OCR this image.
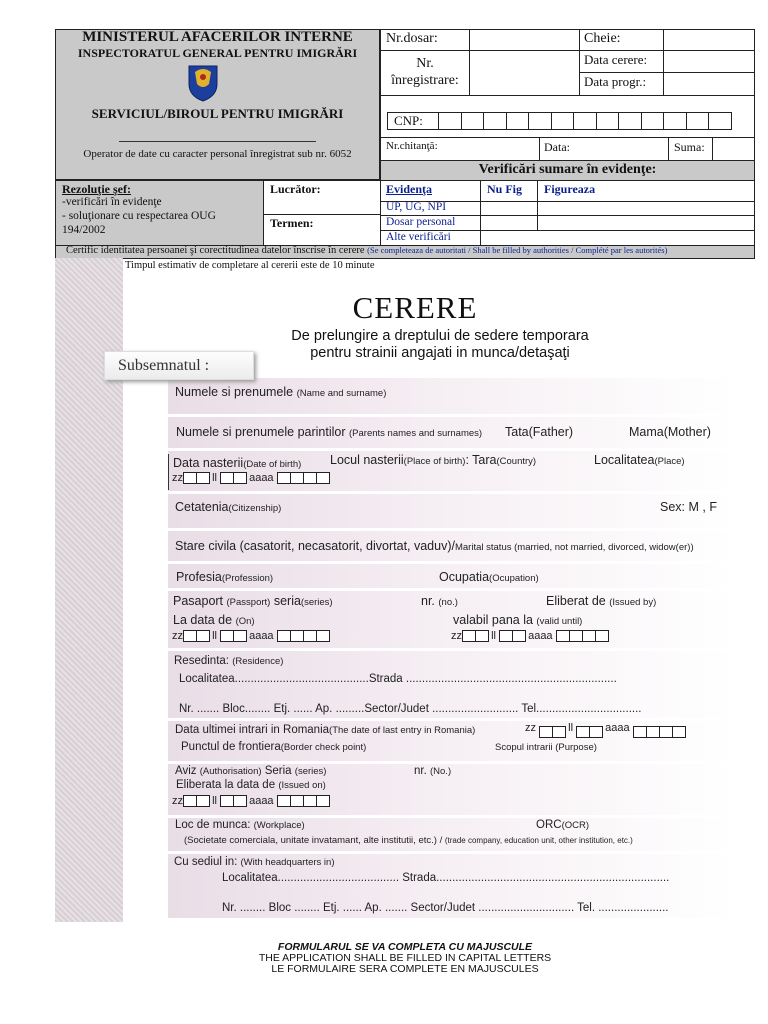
MINISTERUL AFACERILOR INTERNE
INSPECTORATUL GENERAL PENTRU IMIGRĂRI
SERVICIUL/BIROUL PENTRU IMIGRĂRI
Operator de date cu caracter personal înregistrat sub nr. 6052
Nr.dosar:	Cheie:
Nr.
înregistrare:
Data cerere:
Data progr.:
CNP:
Nr.chitanţă:	Data:	Suma:
Verificări sumare în evidenţe:
Rezoluţie şef:
-verificări în evidenţe
- soluţionare cu respectarea OUG
194/2002
Lucrător:
Termen:
Evidenţa	Nu Fig Figureaza
UP, UG, NPI
Dosar personal
Alte verificări
Certific identitatea persoanei şi corectitudinea datelor înscrise în cerere (Se completeaza de autoritati / Shall be filled by authorities / Complété par les autorités)
Timpul estimativ de completare al cererii este de 10 minute
CERERE
De prelungire a dreptului de sedere temporara
pentru strainii angajati in munca/detaşaţi
Subsemnatul :
Numele si prenumele (Name and surname)
Numele si prenumele parintilor (Parents names and surnames) Tata(Father)	Mama(Mother)
Data nasterii(Date of birth) Locul nasterii(Place of birth): Tara(Country)	Localitatea(Place)
zz	ll	aaaa
Cetatenia(Citizenship)	Sex: M , F
Stare civila (casatorit, necasatorit, divortat, vaduv)/Marital status (married, not married, divorced, widow(er))
Profesia(Profession)	Ocupatia(Ocupation)
Pasaport (Passport) seria(series)	nr. (no.)	Eliberat de (Issued by)
La data de (On)
zz	ll	aaaa
valabil pana la (valid until)
zz	ll	aaaa
Resedinta: (Residence)
Localitatea..........................................Strada ..................................................................
Nr. ....... Bloc........ Etj. ...... Ap. .........Sector/Judet ........................... Tel.................................
Data ultimei intrari in Romania(The date of last entry in Romania)	zz	ll	aaaa
Punctul de frontiera(Border check point)	Scopul intrarii (Purpose)
Aviz (Authorisation) Seria (series)	nr. (No.)
Eliberata la data de (Issued on)
zz	ll	aaaa
Loc de munca: (Workplace)	ORC(OCR)
(Societate comerciala, unitate invatamant, alte institutii, etc.) / (trade company, education unit, other institution, etc.)
Cu sediul in: (With headquarters in)
Localitatea...................................... Strada.........................................................................
Nr. ........ Bloc ........ Etj. ...... Ap. ....... Sector/Judet .............................. Tel. ......................
FORMULARUL SE VA COMPLETA CU MAJUSCULE
THE APPLICATION SHALL BE FILLED IN CAPITAL LETTERS
LE FORMULAIRE SERA COMPLETE EN MAJUSCULES
